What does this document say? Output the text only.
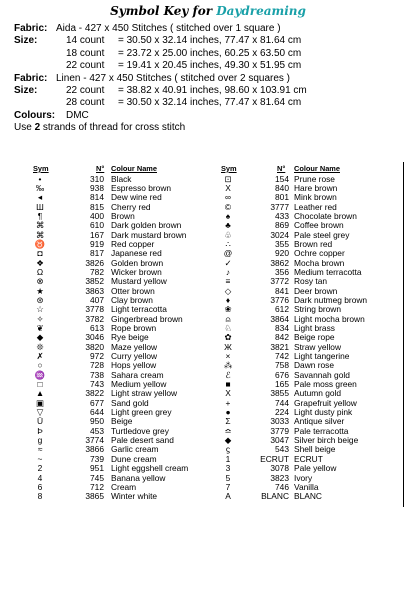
Symbol Key for Daydreaming
Fabric: Aida - 427 x 450 Stitches ( stitched over 1 square )
Size:	14 count = 30.50 x 32.14 inches, 77.47 x 81.64 cm
18 count = 23.72 x 25.00 inches, 60.25 x 63.50 cm
22 count = 19.41 x 20.45 inches, 49.30 x 51.95 cm
Fabric: Linen - 427 x 450 Stitches ( stitched over 2 squares )
Size:	22 count = 38.82 x 40.91 inches, 98.60 x 103.91 cm
28 count = 30.50 x 32.14 inches, 77.47 x 81.64 cm
Colours: DMC
Use 2 strands of thread for cross stitch
Sym	N° Colour Name
•	310 Black
‰	938 Espresso brown
◂	814 Dew wine red
Ш	815 Cherry red
¶	400 Brown
⌘	610 Dark golden brown
⌘	167 Dark mustard brown
♉	919 Red copper
◘	817 Japanese red
❖	3826 Golden brown
Ω	782 Wicker brown
⊗	3852 Mustard yellow
★	3863 Otter brown
⊛	407 Clay brown
☆	3778 Light terracotta
✧	3782 Gingerbread brown
❦	613 Rope brown
◆	3046 Rye beige
❊	3820 Maze yellow
✗	972 Curry yellow
○	728 Hops yellow
♒	738 Sahara cream
□	743 Medium yellow
▲	3822 Light straw yellow
▣	677 Sand gold
▽	644 Light green grey
Ü	950 Beige
Þ	453 Turtledove grey
g	3774 Pale desert sand
≈	3866 Garlic cream
~	739 Dune cream
2	951 Light eggshell cream
4	745 Banana yellow
6	712 Cream
8	3865 Winter white
Sym	N° Colour Name
⊡	154 Prune rose
X	840 Hare brown
∞	801 Mink brown
©	3777 Leather red
♠	433 Chocolate brown
♣	869 Coffee brown
♧	3024 Pale steel grey
∴	355 Brown red
@	920 Ochre copper
✓	3862 Mocha brown
♪	356 Medium terracotta
≡	3772 Rosy tan
◇	841 Deer brown
♦	3776 Dark nutmeg brown
❀	612 String brown
⍝	3864 Light mocha brown
♘	834 Light brass
✿	842 Beige rope
Ж	3821 Straw yellow
×	742 Light tangerine
⁂	758 Dawn rose
ℰ	676 Savannah gold
■	165 Pale moss green
X	3855 Autumn gold
+	744 Grapefruit yellow
●	224 Light dusty pink
Σ	3033 Antique silver
≏	3779 Pale terracotta
◆	3047 Silver birch beige
ϛ	543 Shell beige
1	ECRUT ECRUT
3	3078 Pale yellow
5	3823 Ivory
7	746 Vanilla
A	BLANC BLANC
